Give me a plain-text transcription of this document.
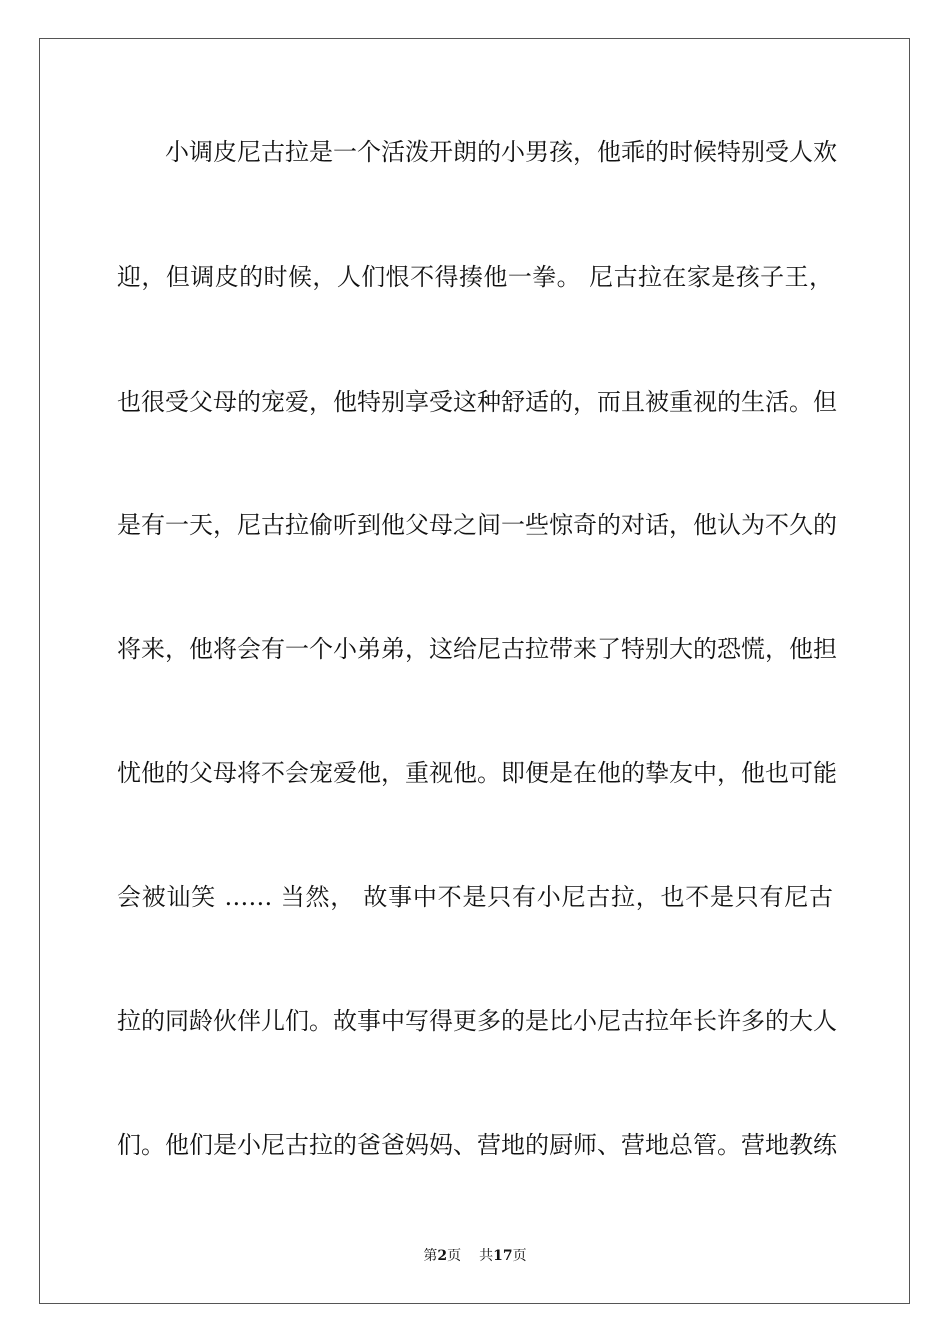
小调皮尼古拉是一个活泼开朗的小男孩，他乖的时候特别受人欢
迎，但调皮的时候，人们恨不得揍他一拳。 尼古拉在家是孩子王，
也很受父母的宠爱，他特别享受这种舒适的，而且被重视的生活。但
是有一天，尼古拉偷听到他父母之间一些惊奇的对话，他认为不久的
将来，他将会有一个小弟弟，这给尼古拉带来了特别大的恐慌，他担
忧他的父母将不会宠爱他，重视他。即便是在他的挚友中，他也可能
会被讪笑 …… 当然， 故事中不是只有小尼古拉，也不是只有尼古
拉的同龄伙伴儿们。故事中写得更多的是比小尼古拉年长许多的大人
们。他们是小尼古拉的爸爸妈妈、营地的厨师、营地总管。营地教练
第2页 共17页
